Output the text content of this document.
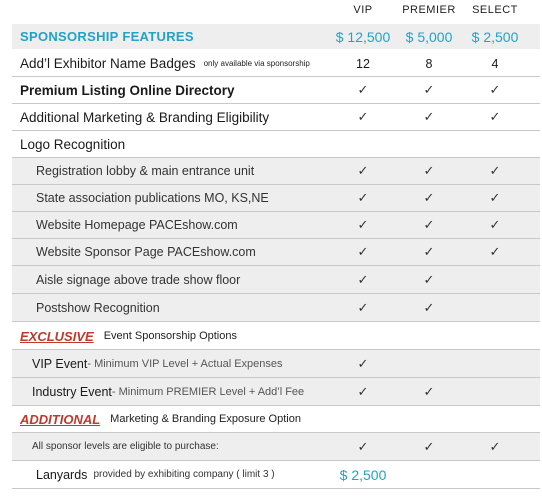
VIP	PREMIER	SELECT
SPONSORSHIP FEATURES	$ 12,500	$ 5,000	$ 2,500
Add’l Exhibitor Name Badges only available via sponsorship	12	8	4
Premium Listing Online Directory	✓	✓	✓
Additional Marketing & Branding Eligibility	✓	✓	✓
Logo Recognition
Registration lobby & main entrance unit	✓	✓	✓
State association publications MO, KS,NE	✓	✓	✓
Website Homepage PACEshow.com	✓	✓	✓
Website Sponsor Page PACEshow.com	✓	✓	✓
Aisle signage above trade show floor	✓	✓
Postshow Recognition	✓	✓
EXCLUSIVE Event Sponsorship Options
VIP Event - Minimum VIP Level + Actual Expenses	✓
Industry Event - Minimum PREMIER Level + Add’l Fee	✓	✓
ADDITIONAL Marketing & Branding Exposure Option
All sponsor levels are eligible to purchase:	✓	✓	✓
Lanyards provided by exhibiting company ( limit 3 )	$ 2,500
